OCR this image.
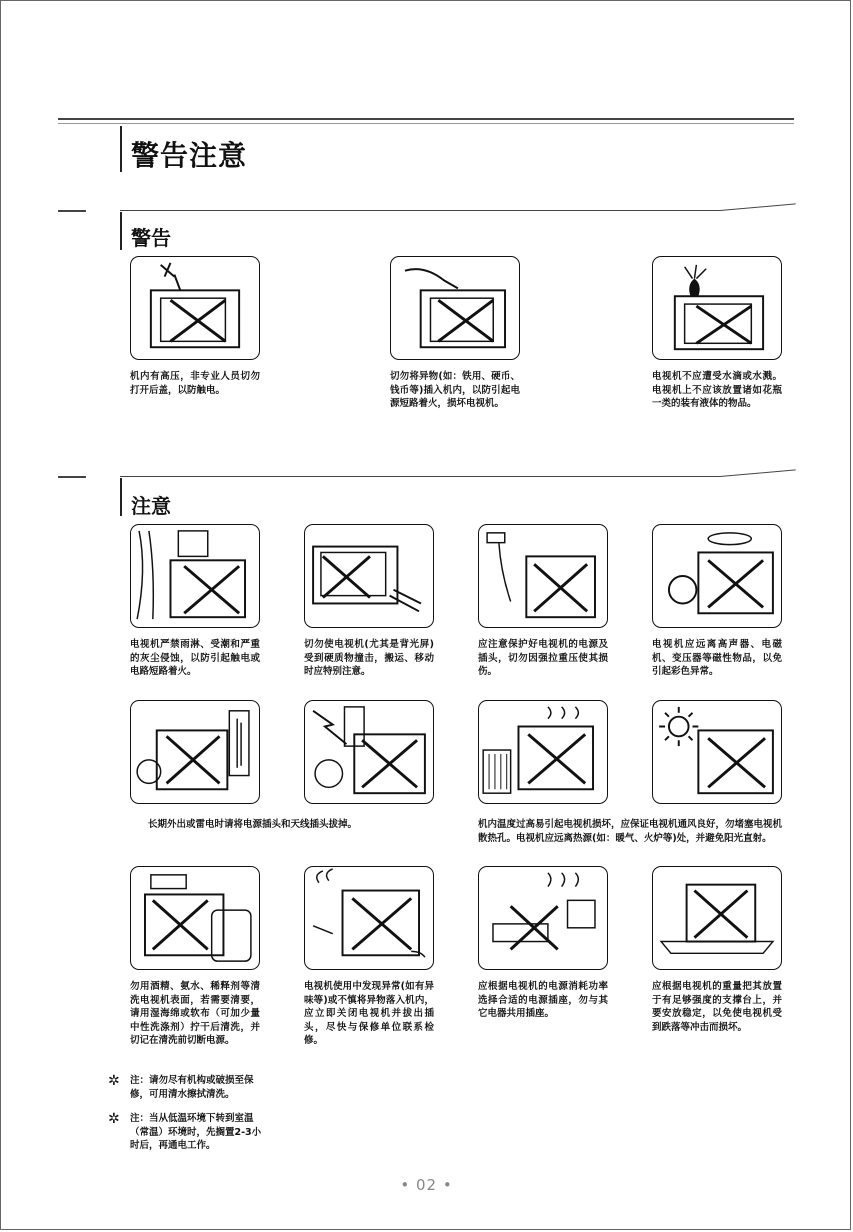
警告注意
警告
机内有高压，非专业人员切勿打开后盖，以防触电。
切勿将异物(如：铁用、硬币、钱币等)插入机内，以防引起电源短路着火，损坏电视机。
电视机不应遭受水滴或水溅。电视机上不应该放置诸如花瓶一类的装有液体的物品。
注意
电视机严禁雨淋、受潮和严重的灰尘侵蚀，以防引起触电或电路短路着火。
切勿使电视机(尤其是背光屏)受到硬质物撞击，搬运、移动时应特别注意。
应注意保护好电视机的电源及插头，切勿因强拉重压使其损伤。
电视机应远离高声器、电磁机、变压器等磁性物品，以免引起彩色异常。
长期外出或雷电时请将电源插头和天线插头拔掉。	机内温度过高易引起电视机损坏，应保证电视机通风良好，勿堵塞电视机散热孔。电视机应远离热源(如：暖气、火炉等)处，并避免阳光直射。
勿用酒精、氨水、稀释剂等清洗电视机表面，若需要清要，请用湿海绵或软布（可加少量中性洗涤剂）拧干后清洗，并切记在清洗前切断电源。
电视机使用中发现异常(如有异味等)或不慎将异物落入机内，应立即关闭电视机并拔出插头，尽快与保修单位联系检修。
应根据电视机的电源消耗功率选择合适的电源插座，勿与其它电器共用插座。
应根据电视机的重量把其放置于有足够强度的支撑台上，并要安放稳定，以免使电视机受到跌落等冲击而损坏。
✲ 注：请勿尽有机构或破损至保修，可用清水擦拭清洗。
✲ 注：当从低温环境下转到室温（常温）环境时，先搁置2-3小时后，再通电工作。
• 02 •
